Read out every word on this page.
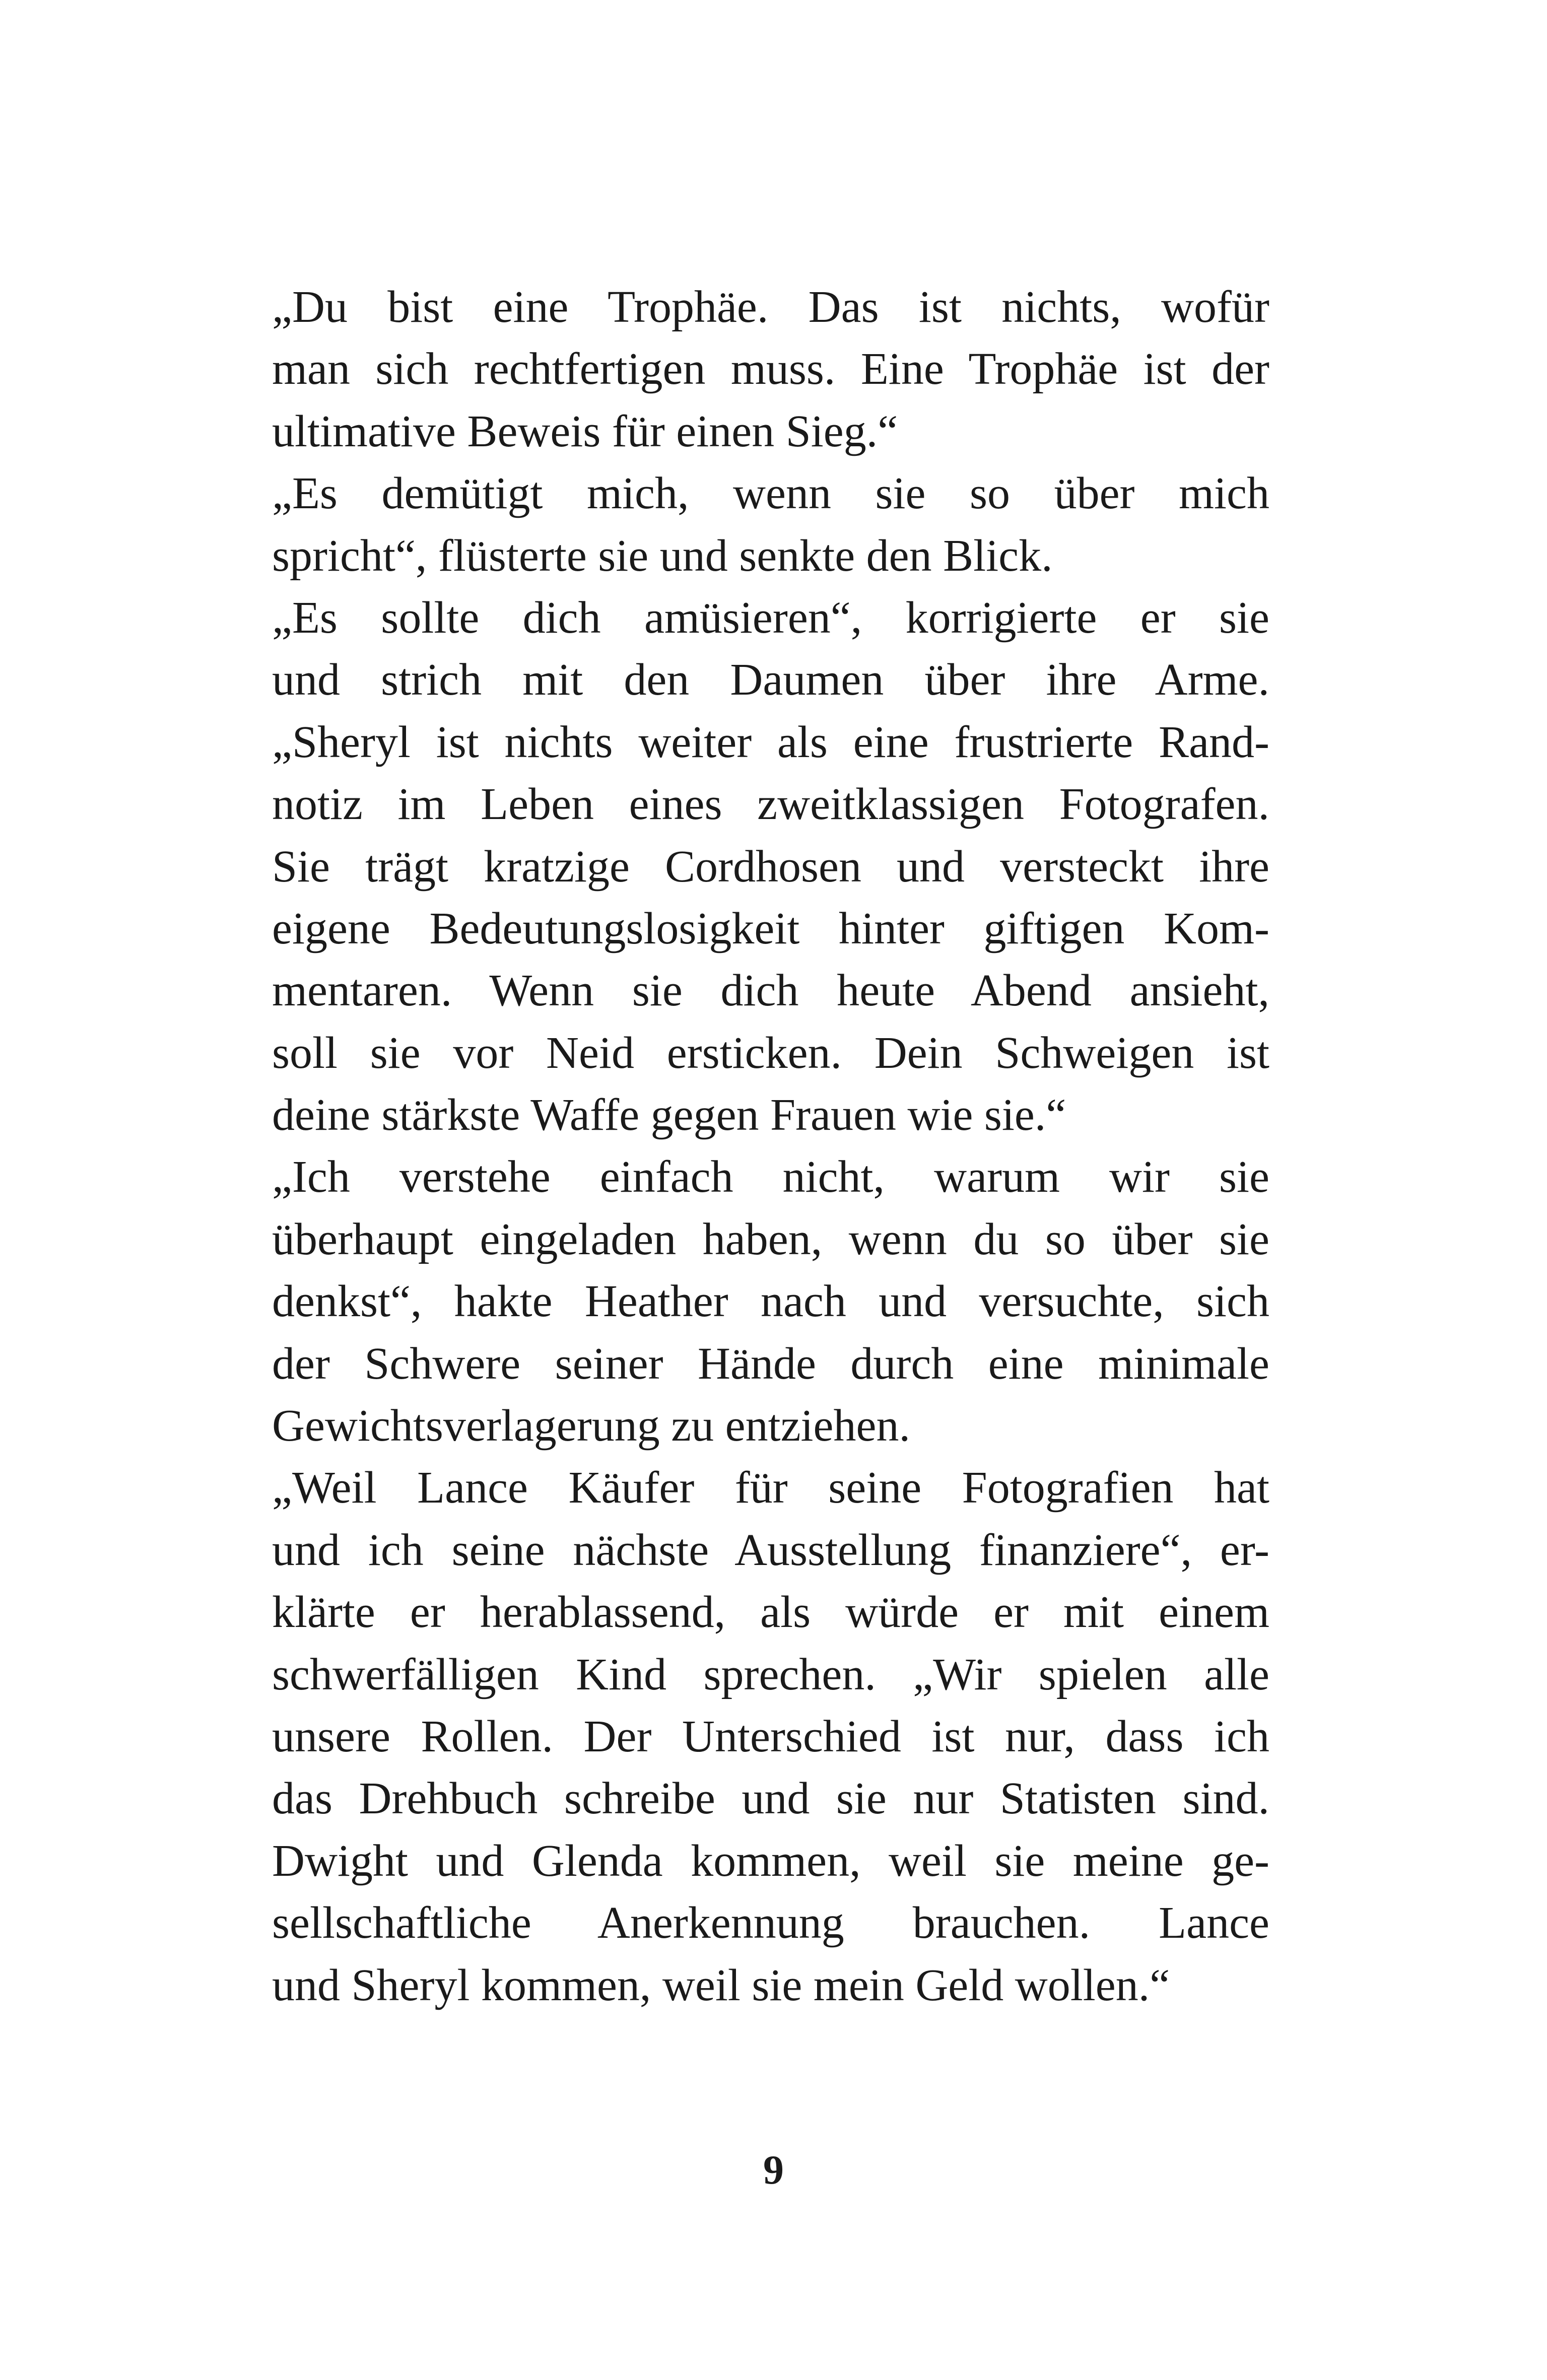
„Du bist eine Trophäe. Das ist nichts, wofür
man sich rechtfertigen muss. Eine Trophäe ist der
ultimative Beweis für einen Sieg.“
„Es demütigt mich, wenn sie so über mich
spricht“, flüsterte sie und senkte den Blick.
„Es sollte dich amüsieren“, korrigierte er sie
und strich mit den Daumen über ihre Arme.
„Sheryl ist nichts weiter als eine frustrierte Rand-
notiz im Leben eines zweitklassigen Fotografen.
Sie trägt kratzige Cordhosen und versteckt ihre
eigene Bedeutungslosigkeit hinter giftigen Kom-
mentaren. Wenn sie dich heute Abend ansieht,
soll sie vor Neid ersticken. Dein Schweigen ist
deine stärkste Waffe gegen Frauen wie sie.“
„Ich verstehe einfach nicht, warum wir sie
überhaupt eingeladen haben, wenn du so über sie
denkst“, hakte Heather nach und versuchte, sich
der Schwere seiner Hände durch eine minimale
Gewichtsverlagerung zu entziehen.
„Weil Lance Käufer für seine Fotografien hat
und ich seine nächste Ausstellung finanziere“, er-
klärte er herablassend, als würde er mit einem
schwerfälligen Kind sprechen. „Wir spielen alle
unsere Rollen. Der Unterschied ist nur, dass ich
das Drehbuch schreibe und sie nur Statisten sind.
Dwight und Glenda kommen, weil sie meine ge-
sellschaftliche Anerkennung brauchen. Lance
und Sheryl kommen, weil sie mein Geld wollen.“
9
